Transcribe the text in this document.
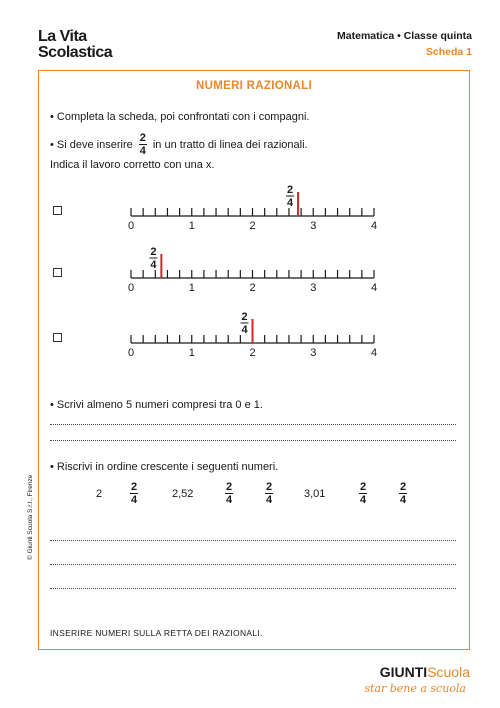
La Vita
Scolastica
Matematica • Classe quinta
Scheda 1
NUMERI RAZIONALI
• Completa la scheda, poi confrontati con i compagni.
• Si deve inserire $\frac{2}{4}$ in un tratto di linea dei razionali.
Indica il lavoro corretto con una x.
0	1	2	3	4
2
4
0	1	2	3	4
2
4
0	1	2	3	4
2
4
• Scrivi almeno 5 numeri compresi tra 0 e 1.
• Riscrivi in ordine crescente i seguenti numeri.
2	$\frac{2}{4}$	2,52	$\frac{2}{4}$	$\frac{2}{4}$	3,01	$\frac{2}{4}$	$\frac{2}{4}$
INSERIRE NUMERI SULLA RETTA DEI RAZIONALI.
© Giunti Scuola S.r.l., Firenze
GIUNTIScuola
star bene a scuola
